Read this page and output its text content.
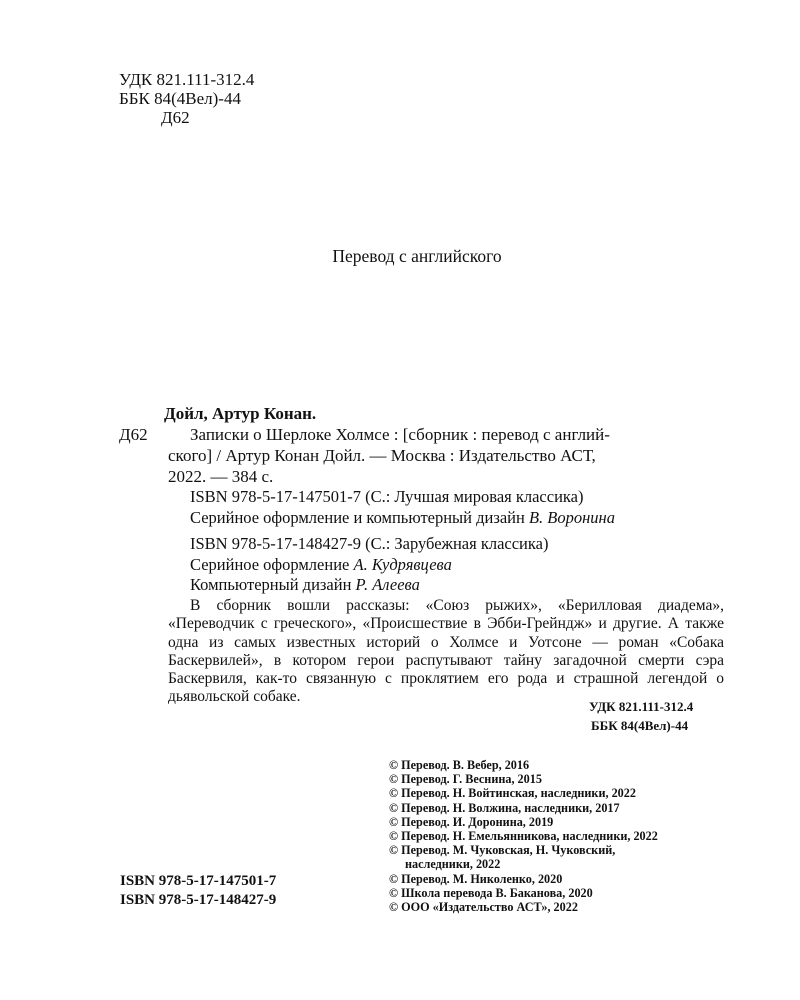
УДК 821.111-312.4
ББК 84(4Вел)-44
Д62
Перевод с английского
Дойл, Артур Конан.
Д62 Записки о Шерлоке Холмсе : [сборник : перевод с англий-
ского] / Артур Конан Дойл. — Москва : Издательство АСТ,
2022. — 384 с.
ISBN 978-5-17-147501-7 (С.: Лучшая мировая классика)
Серийное оформление и компьютерный дизайн В. Воронина
ISBN 978-5-17-148427-9 (С.: Зарубежная классика)
Серийное оформление А. Кудрявцева
Компьютерный дизайн Р. Алеева

В сборник вошли рассказы: «Союз рыжих», «Берилловая диадема», «Переводчик с греческого», «Происшествие в Эбби-Грейндж» и другие. А также одна из самых известных историй о Холмсе и Уотсоне — роман «Собака Баскервилей», в котором герои распутывают тайну загадочной смерти сэра Баскервиля, как-то связанную с проклятием его рода и страшной легендой о дьявольской собаке.

УДК 821.111-312.4
ББК 84(4Вел)-44
© Перевод. В. Вебер, 2016
© Перевод. Г. Веснина, 2015
© Перевод. Н. Войтинская, наследники, 2022
© Перевод. Н. Волжина, наследники, 2017
© Перевод. И. Доронина, 2019
© Перевод. Н. Емельянникова, наследники, 2022
© Перевод. М. Чуковская, Н. Чуковский,
наследники, 2022
© Перевод. М. Николенко, 2020
© Школа перевода В. Баканова, 2020
© ООО «Издательство АСТ», 2022
ISBN 978-5-17-147501-7
ISBN 978-5-17-148427-9
